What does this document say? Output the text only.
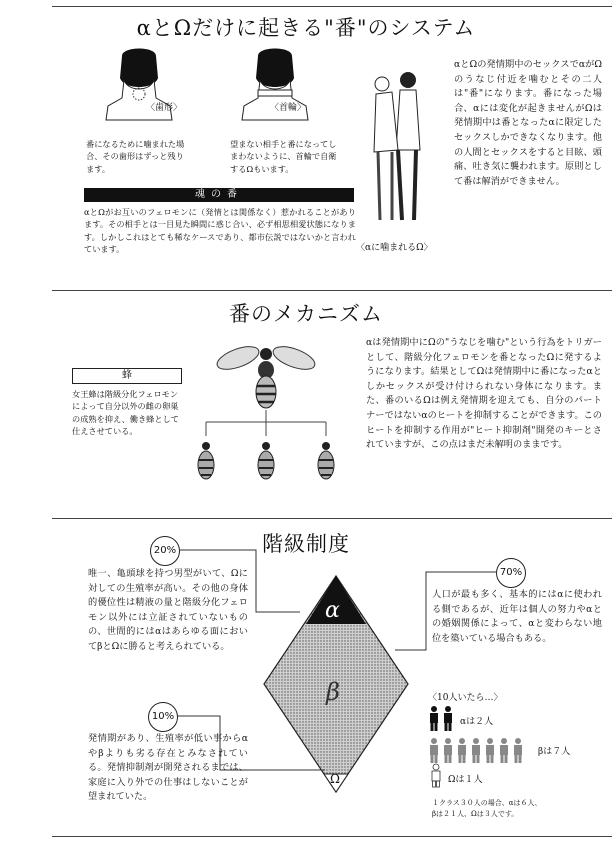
αとΩだけに起きる"番"のシステム
〈歯形〉	〈首輪〉
番になるために噛まれた場合、その歯形はずっと残ります。
望まない相手と番になってしまわないように、首輪で自衛するΩもいます。
魂の番
αとΩがお互いのフェロモンに（発情とは関係なく）惹かれることがあります。その相手とは一目見た瞬間に惑じ合い、必ず相思相愛状態になります。しかしこれはとても稀なケースであり、都市伝説ではないかと言われています。	〈αに噛まれるΩ〉
αとΩの発情期中のセックスでαがΩのうなじ付近を噛むとその二人は"番"になります。番になった場合、αには変化が起きませんがΩは発情期中は番となったαに限定したセックスしかできなくなります。他の人間とセックスをすると目眩、頭痛、吐き気に襲われます。原則として番は解消ができません。
番のメカニズム
蜂
女王蜂は階級分化フェロモンによって自分以外の雌の卵巣の成熟を抑え、働き蜂として仕えさせている。
αは発情期中にΩの"うなじを噛む"という行為をトリガーとして、階級分化フェロモンを番となったΩに発するようになります。結果としてΩは発情期中に番になったαとしかセックスが受け付けられない身体になります。また、番のいるΩは例え発情期を迎えても、自分のパートナーではないαのヒートを抑制することができます。このヒートを抑制する作用が"ヒート抑制剤"開発のキーとされていますが、この点はまだ未解明のままです。
階級制度
α
β
Ω
20%
唯一、亀頭球を持つ男型がいて、Ωに対しての生殖率が高い。その他の身体的優位性は精液の量と階級分化フェロモン以外には立証されていないものの、世間的にはαはあらゆる面においてβとΩに勝ると考えられている。
70%
人口が最も多く、基本的にはαに使われる側であるが、近年は個人の努力やαとの婚姻関係によって、αと変わらない地位を築いている場合もある。
10%
発情期があり、生殖率が低い事からαやβよりも劣る存在とみなされている。発情抑制剤が開発されるまでは、家庭に入り外での仕事はしないことが望まれていた。
〈10人いたら…〉
αは２人
βは７人
Ωは１人
１クラス３０人の場合、αは６人、
βは２１人、Ωは３人です。
